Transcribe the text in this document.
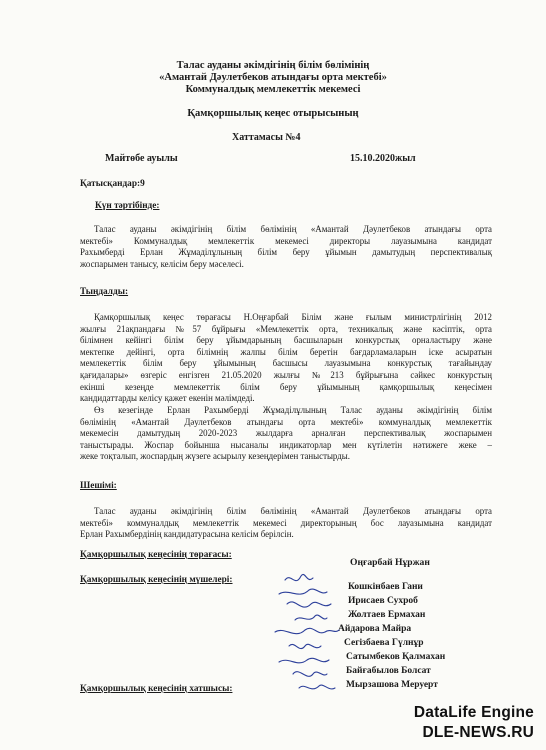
Талас ауданы әкімдігінің білім бөлімінің
«Амантай Дәулетбеков атындағы орта мектебі»
Коммуналдық мемлекеттік мекемесі
Қамқоршылық кеңес отырысының
Хаттамасы №4
Майтөбе ауылы	15.10.2020жыл
Қатысқандар:9
Күн тәртібінде:
Талас ауданы әкімдігінің білім бөлімінің «Амантай Дәулетбеков атындағы орта
мектебі» Коммуналдық мемлекеттік мекемесі директоры лауазымына кандидат
Рахымберді Ерлан Жұмаділұлының білім беру ұйымын дамытудың перспективалық
жоспарымен танысу, келісім беру мәселесі.
Тыңдалды:
Қамқоршылық кеңес төрағасы Н.Оңғарбай Білім және ғылым министрлігінің 2012
жылғы 21ақпандағы №57 бұйрығы «Мемлекеттік орта, техникалық және кәсіптік, орта
білімнен кейінгі білім беру ұйымдарының басшыларын конкурстық орналастыру және
мектепке дейінгі, орта білімнің жалпы білім беретін бағдарламаларын іске асыратын
мемлекеттік білім беру ұйымының басшысы лауазымына конкурстық тағайындау
қағидалары» өзгеріс енгізген 21.05.2020 жылғы №213 бұйрығына сәйкес конкурстың
екінші кезеңде мемлекеттік білім беру ұйымының қамқоршылық кеңесімен
кандидаттарды келісу қажет екенін мәлімдеді.
Өз кезегінде Ерлан Рахымберді Жұмаділұлының Талас ауданы әкімдігінің білім
бөлімінің «Амантай Дәулетбеков атындағы орта мектебі» коммуналдық мемлекеттік
мекемесін дамытудың 2020-2023 жылдарға арналған перспективалық жоспарымен
таныстырады. Жоспар бойынша нысаналы индикаторлар мен күтілетін нәтижеге жеке –
жеке тоқталып, жоспардың жүзеге асырылу кезеңдерімен таныстырды.
Шешімі:
Талас ауданы әкімдігінің білім бөлімінің «Амантай Дәулетбеков атындағы орта
мектебі» коммуналдық мемлекеттік мекемесі директорының бос лауазымына кандидат
Ерлан Рахымбердінің кандидатурасына келісім берілсін.
Қамқоршылық кеңесінің төрағасы:
Оңғарбай Нұржан
Қамқоршылық кеңесінің мүшелері:
Кошкінбаев Гани
Ирисаев Сухроб
Жолтаев Ермахан
Айдарова Майра
Сегізбаева Гүлнұр
Сатымбеков Қалмахан
Байғабылов Болсат
Мырзашова Меруерт
Қамқоршылық кеңесінің хатшысы:
DataLife Engine
DLE-NEWS.RU
